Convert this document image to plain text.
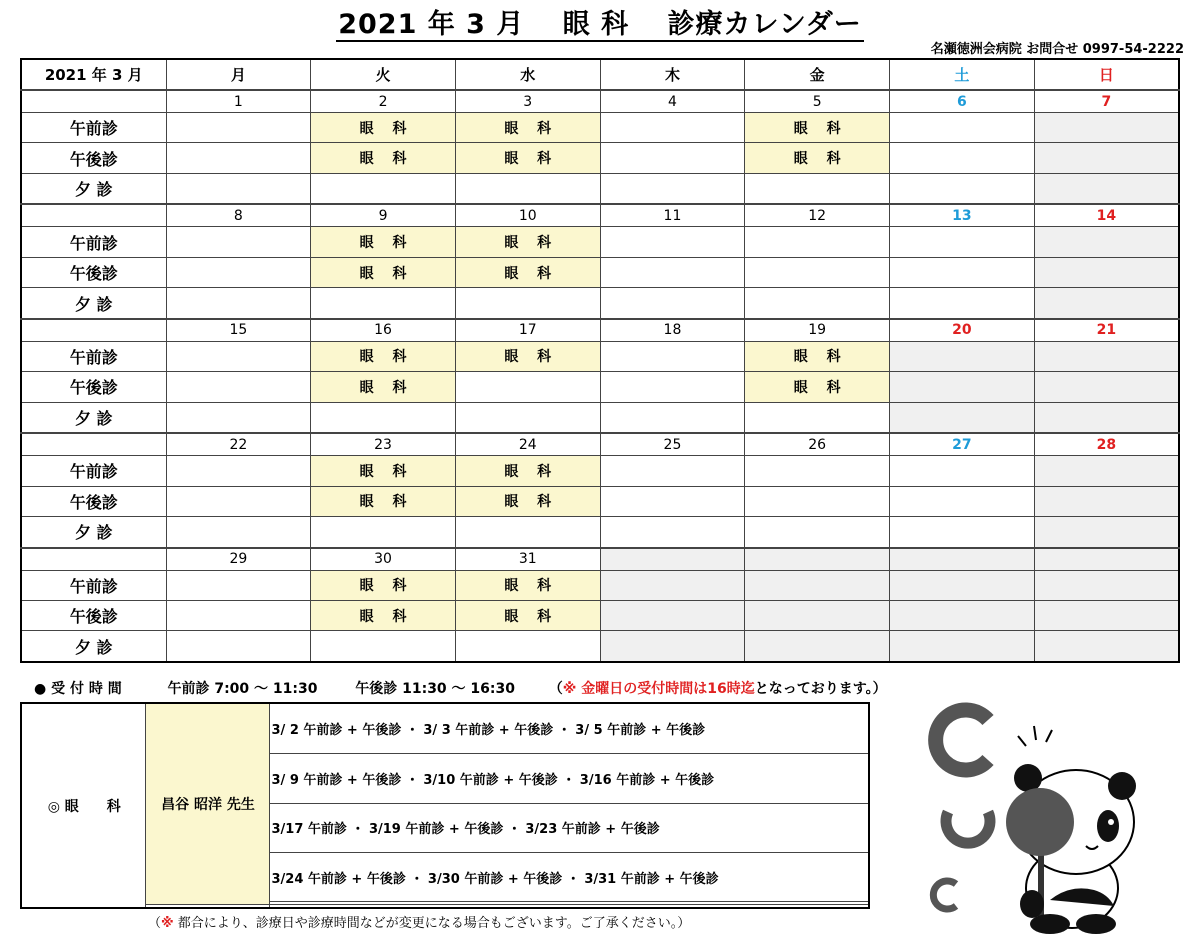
2021 年 3 月　 眼 科　 診療カレンダー
名瀬徳洲会病院 お問合せ 0997-54-2222
2021 年 3 月	月	火	水	木	金	土	日
	1	2	3	4	5	6	7
午前診		眼　 科	眼　 科		眼　 科		
午後診		眼　 科	眼　 科		眼　 科		
夕 診							
	8	9	10	11	12	13	14
午前診		眼　 科	眼　 科				
午後診		眼　 科	眼　 科				
夕 診							
	15	16	17	18	19	20	21
午前診		眼　 科	眼　 科		眼　 科		
午後診		眼　 科			眼　 科		
夕 診							
	22	23	24	25	26	27	28
午前診		眼　 科	眼　 科				
午後診		眼　 科	眼　 科				
夕 診							
	29	30	31				
午前診		眼　 科	眼　 科				
午後診		眼　 科	眼　 科				
夕 診							
● 受 付 時 間	午前診 7:00 ～ 11:30	午後診 11:30 ～ 16:30 （※ 金曜日の受付時間は16時迄となっております。）
◎ 眼　　科	昌谷 昭洋 先生	3/ 2 午前診 + 午後診 ・ 3/ 3 午前診 + 午後診 ・ 3/ 5 午前診 + 午後診
		3/ 9 午前診 + 午後診 ・ 3/10 午前診 + 午後診 ・ 3/16 午前診 + 午後診
		3/17 午前診 ・ 3/19 午前診 + 午後診 ・ 3/23 午前診 + 午後診
		3/24 午前診 + 午後診 ・ 3/30 午前診 + 午後診 ・ 3/31 午前診 + 午後診

（※ 都合により、診療日や診療時間などが変更になる場合もございます。ご了承ください。）
